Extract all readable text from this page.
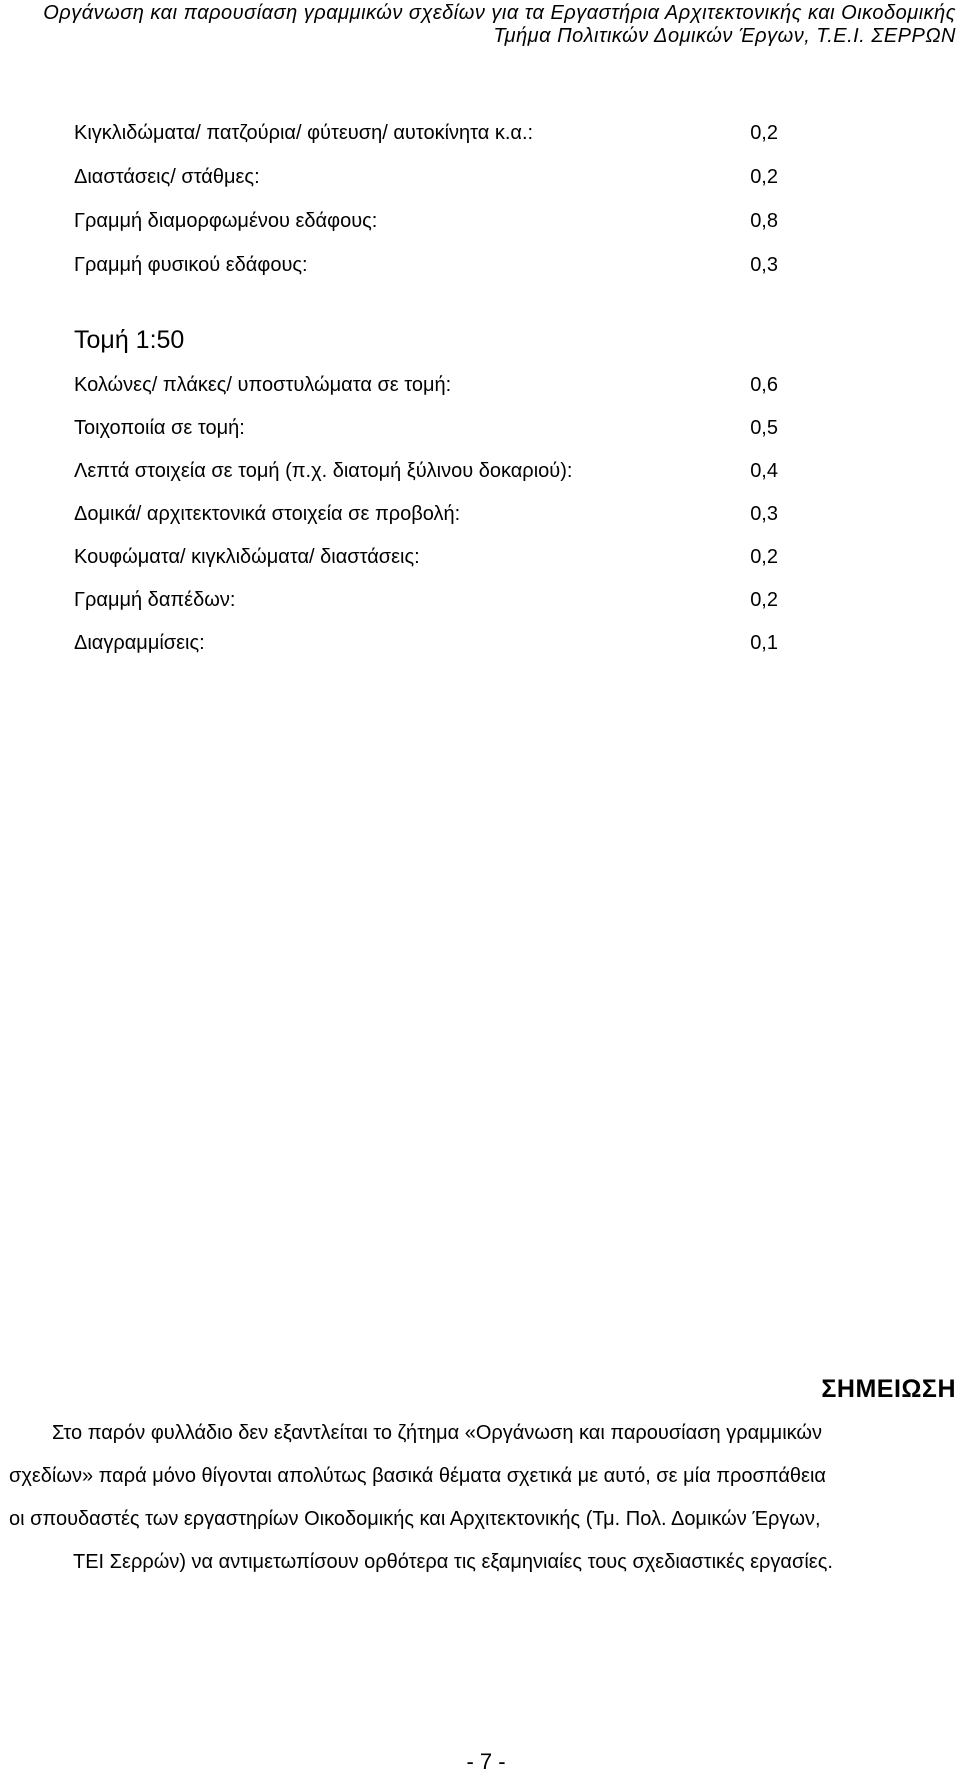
Οργάνωση και παρουσίαση γραμμικών σχεδίων για τα Εργαστήρια Αρχιτεκτονικής και Οικοδομικής
Τμήμα Πολιτικών Δομικών Έργων, Τ.Ε.Ι. ΣΕΡΡΩΝ
Κιγκλιδώματα/ πατζούρια/ φύτευση/ αυτοκίνητα κ.α.:	0,2
Διαστάσεις/ στάθμες:	0,2
Γραμμή διαμορφωμένου εδάφους:	0,8
Γραμμή φυσικού εδάφους:	0,3
Τομή 1:50
Κολώνες/ πλάκες/ υποστυλώματα σε τομή:	0,6
Τοιχοποιία σε τομή:	0,5
Λεπτά στοιχεία σε τομή (π.χ. διατομή ξύλινου δοκαριού):	0,4
Δομικά/ αρχιτεκτονικά στοιχεία σε προβολή:	0,3
Κουφώματα/ κιγκλιδώματα/ διαστάσεις:	0,2
Γραμμή δαπέδων:	0,2
Διαγραμμίσεις:	0,1
ΣΗΜΕΙΩΣΗ
Στο παρόν φυλλάδιο δεν εξαντλείται το ζήτημα «Οργάνωση και παρουσίαση γραμμικών
σχεδίων» παρά μόνο θίγονται απολύτως βασικά θέματα σχετικά με αυτό, σε μία προσπάθεια
οι σπουδαστές των εργαστηρίων Οικοδομικής και Αρχιτεκτονικής (Τμ. Πολ. Δομικών Έργων,
ΤΕΙ Σερρών) να αντιμετωπίσουν ορθότερα τις εξαμηνιαίες τους σχεδιαστικές εργασίες.
- 7 -
